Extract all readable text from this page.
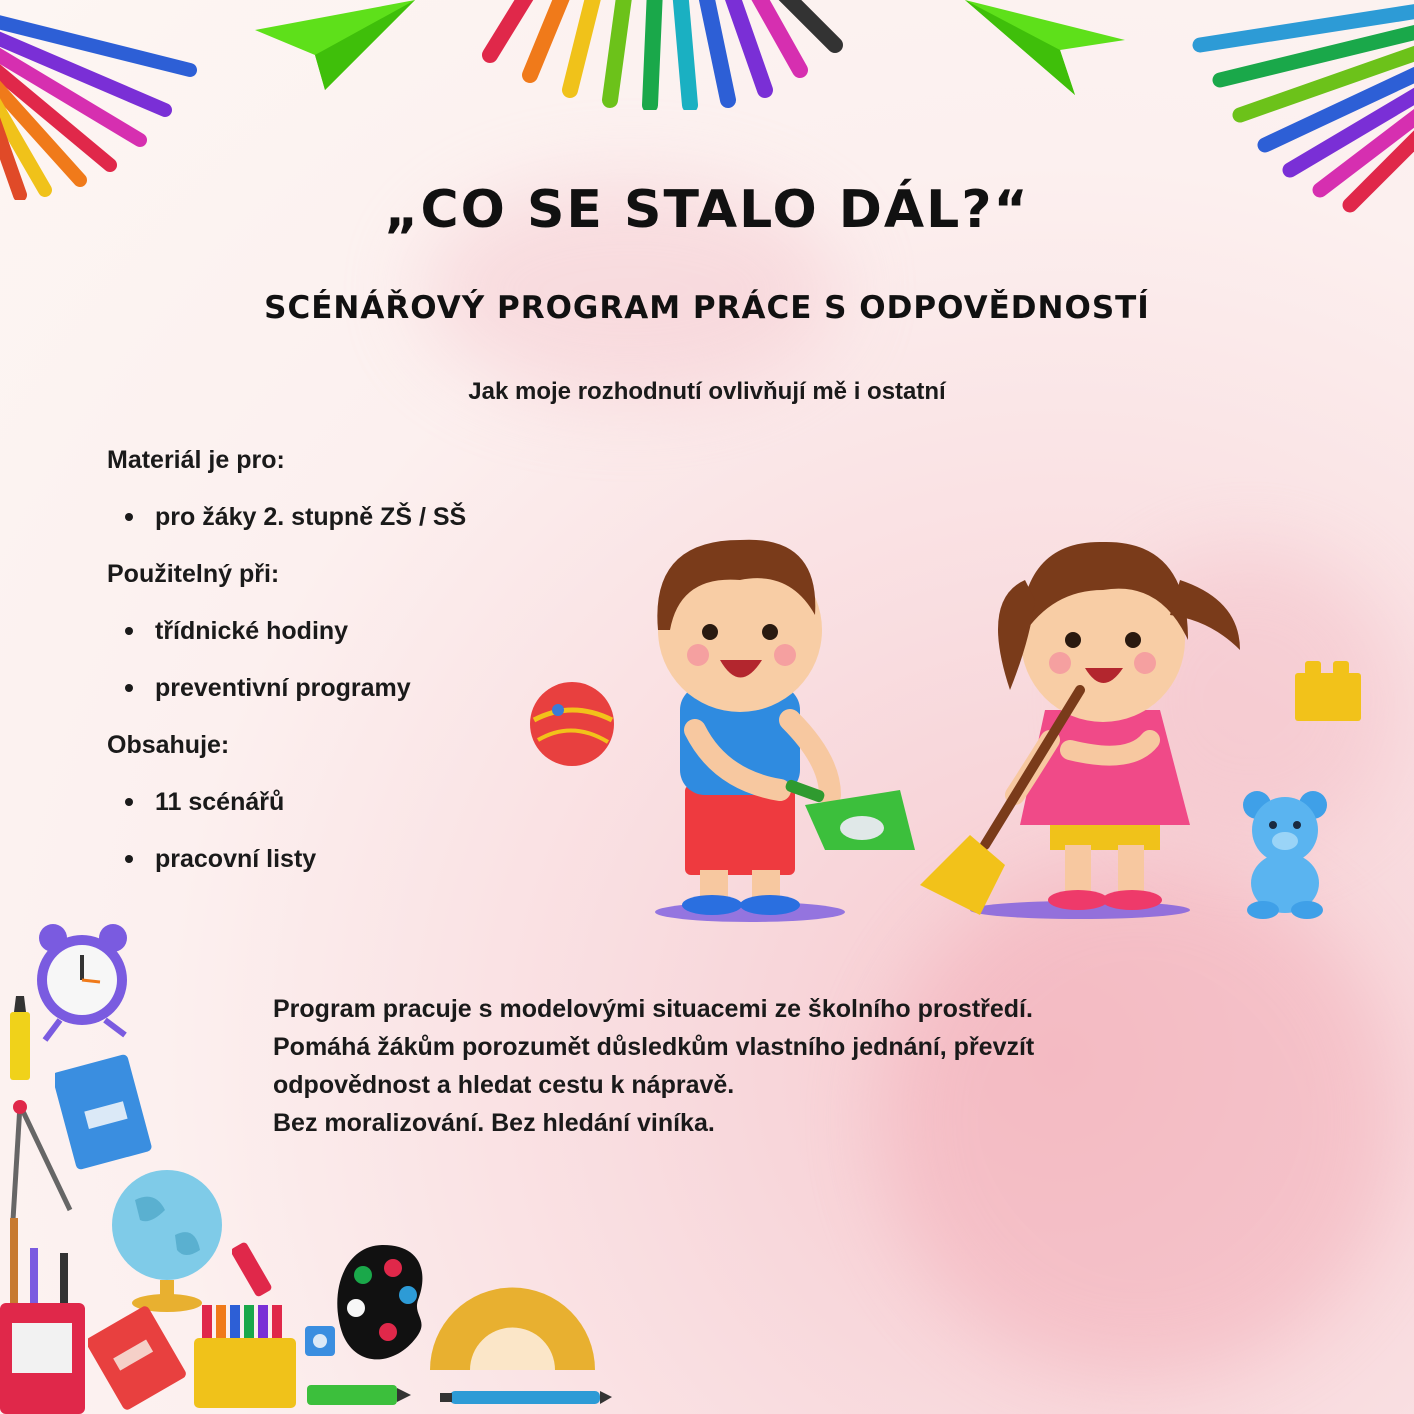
„CO SE STALO DÁL?“
SCÉNÁŘOVÝ PROGRAM PRÁCE S ODPOVĚDNOSTÍ
Jak moje rozhodnutí ovlivňují mě i ostatní
Materiál je pro:
pro žáky 2. stupně ZŠ / SŠ
Použitelný při:
třídnické hodiny
preventivní programy
Obsahuje:
11 scénářů
pracovní listy
Program pracuje s modelovými situacemi ze školního prostředí.
Pomáhá žákům porozumět důsledkům vlastního jednání, převzít
odpovědnost a hledat cestu k nápravě.
Bez moralizování. Bez hledání viníka.
